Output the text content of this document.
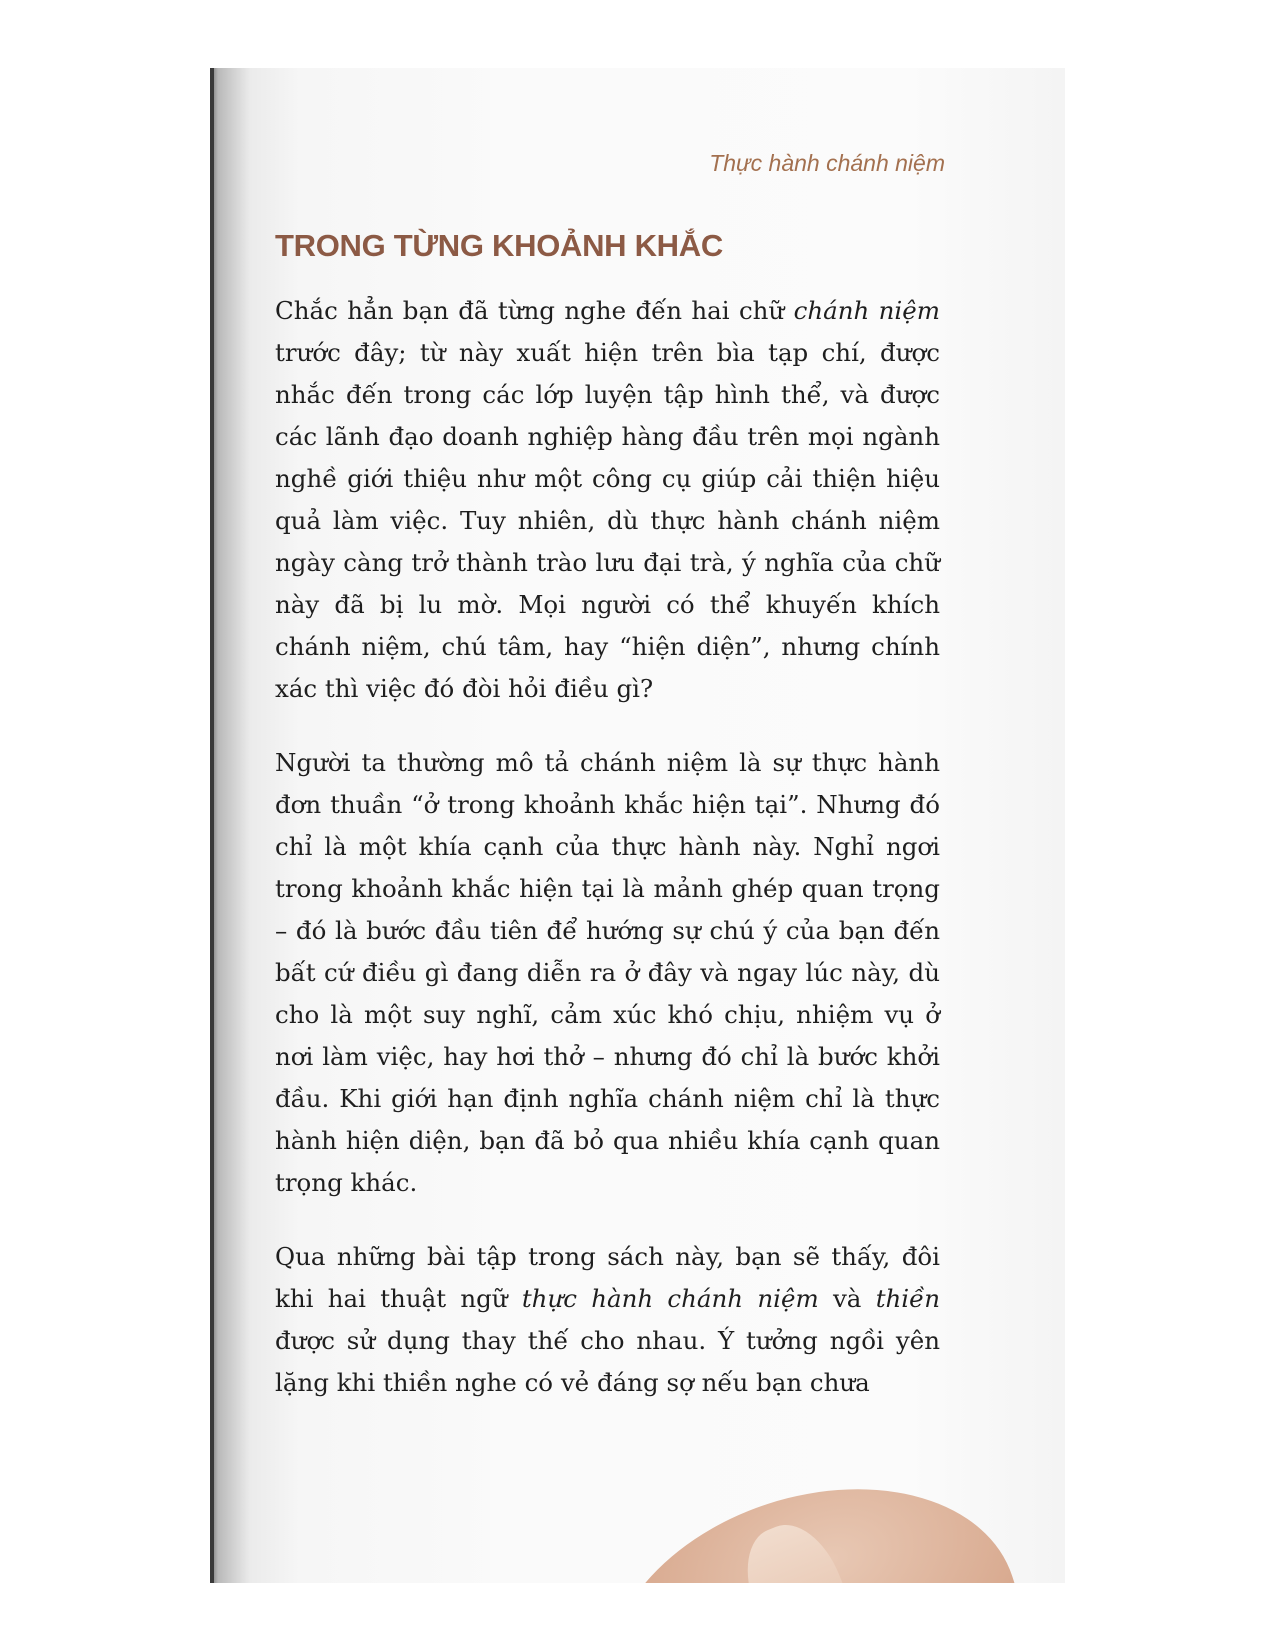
Thực hành chánh niệm
TRONG TỪNG KHOẢNH KHẮC

Chắc hẳn bạn đã từng nghe đến hai chữ chánh niệm trước đây; từ này xuất hiện trên bìa tạp chí, được nhắc đến trong các lớp luyện tập hình thể, và được các lãnh đạo doanh nghiệp hàng đầu trên mọi ngành nghề giới thiệu như một công cụ giúp cải thiện hiệu quả làm việc. Tuy nhiên, dù thực hành chánh niệm ngày càng trở thành trào lưu đại trà, ý nghĩa của chữ này đã bị lu mờ. Mọi người có thể khuyến khích chánh niệm, chú tâm, hay “hiện diện”, nhưng chính xác thì việc đó đòi hỏi điều gì?

Người ta thường mô tả chánh niệm là sự thực hành đơn thuần “ở trong khoảnh khắc hiện tại”. Nhưng đó chỉ là một khía cạnh của thực hành này. Nghỉ ngơi trong khoảnh khắc hiện tại là mảnh ghép quan trọng – đó là bước đầu tiên để hướng sự chú ý của bạn đến bất cứ điều gì đang diễn ra ở đây và ngay lúc này, dù cho là một suy nghĩ, cảm xúc khó chịu, nhiệm vụ ở nơi làm việc, hay hơi thở – nhưng đó chỉ là bước khởi đầu. Khi giới hạn định nghĩa chánh niệm chỉ là thực hành hiện diện, bạn đã bỏ qua nhiều khía cạnh quan trọng khác.

Qua những bài tập trong sách này, bạn sẽ thấy, đôi khi hai thuật ngữ thực hành chánh niệm và thiền được sử dụng thay thế cho nhau. Ý tưởng ngồi yên lặng khi thiền nghe có vẻ đáng sợ nếu bạn chưa
